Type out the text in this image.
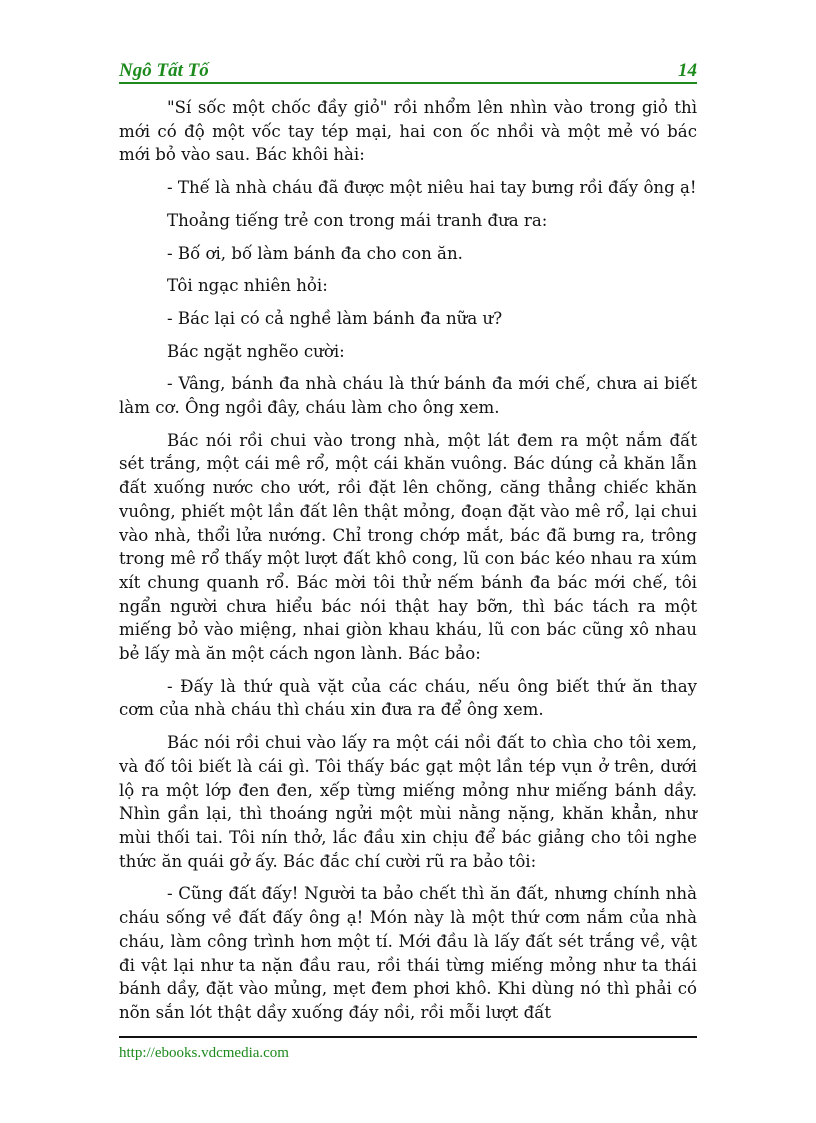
Ngô Tất Tố	14

"Sí sốc một chốc đầy giỏ" rồi nhổm lên nhìn vào trong giỏ thì mới có độ một vốc tay tép mại, hai con ốc nhồi và một mẻ vó bác mới bỏ vào sau. Bác khôi hài:

- Thế là nhà cháu đã được một niêu hai tay bưng rồi đấy ông ạ!

Thoảng tiếng trẻ con trong mái tranh đưa ra:

- Bố ơi, bố làm bánh đa cho con ăn.

Tôi ngạc nhiên hỏi:

- Bác lại có cả nghề làm bánh đa nữa ư?

Bác ngặt nghẽo cười:

- Vâng, bánh đa nhà cháu là thứ bánh đa mới chế, chưa ai biết làm cơ. Ông ngồi đây, cháu làm cho ông xem.

Bác nói rồi chui vào trong nhà, một lát đem ra một nắm đất sét trắng, một cái mê rổ, một cái khăn vuông. Bác dúng cả khăn lẫn đất xuống nước cho ướt, rồi đặt lên chõng, căng thẳng chiếc khăn vuông, phiết một lần đất lên thật mỏng, đoạn đặt vào mê rổ, lại chui vào nhà, thổi lửa nướng. Chỉ trong chớp mắt, bác đã bưng ra, trông trong mê rổ thấy một lượt đất khô cong, lũ con bác kéo nhau ra xúm xít chung quanh rổ. Bác mời tôi thử nếm bánh đa bác mới chế, tôi ngẩn người chưa hiểu bác nói thật hay bỡn, thì bác tách ra một miếng bỏ vào miệng, nhai giòn khau kháu, lũ con bác cũng xô nhau bẻ lấy mà ăn một cách ngon lành. Bác bảo:

- Đấy là thứ quà vặt của các cháu, nếu ông biết thứ ăn thay cơm của nhà cháu thì cháu xin đưa ra để ông xem.

Bác nói rồi chui vào lấy ra một cái nồi đất to chìa cho tôi xem, và đố tôi biết là cái gì. Tôi thấy bác gạt một lần tép vụn ở trên, dưới lộ ra một lớp đen đen, xếp từng miếng mỏng như miếng bánh dầy. Nhìn gần lại, thì thoáng ngửi một mùi nằng nặng, khăn khẳn, như mùi thối tai. Tôi nín thở, lắc đầu xin chịu để bác giảng cho tôi nghe thức ăn quái gở ấy. Bác đắc chí cười rũ ra bảo tôi:

- Cũng đất đấy! Người ta bảo chết thì ăn đất, nhưng chính nhà cháu sống về đất đấy ông ạ! Món này là một thứ cơm nắm của nhà cháu, làm công trình hơn một tí. Mới đầu là lấy đất sét trắng về, vật đi vật lại như ta nặn đầu rau, rồi thái từng miếng mỏng như ta thái bánh dầy, đặt vào mủng, mẹt đem phơi khô. Khi dùng nó thì phải có nõn sắn lót thật dầy xuống đáy nồi, rồi mỗi lượt đất

http://ebooks.vdcmedia.com
